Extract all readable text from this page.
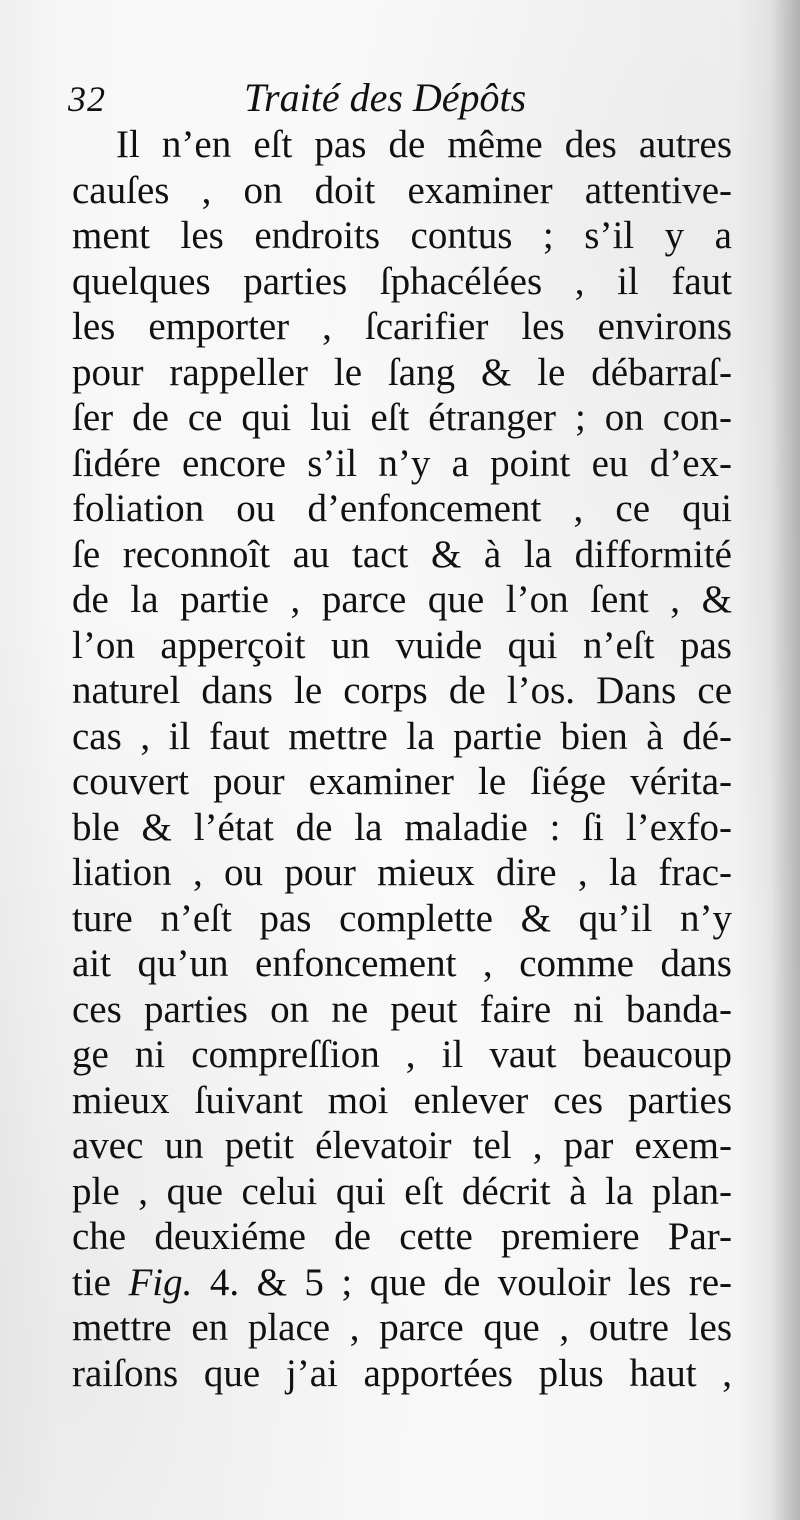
32	Traité des Dépôts
Il n’en eſt pas de même des autres
cauſes , on doit examiner attentive-
ment les endroits contus ; s’il y a
quelques parties ſphacélées , il faut
les emporter , ſcarifier les environs
pour rappeller le ſang & le débarraſ-
ſer de ce qui lui eſt étranger ; on con-
ſidére encore s’il n’y a point eu d’ex-
foliation ou d’enfoncement , ce qui
ſe reconnoît au tact & à la difformité
de la partie , parce que l’on ſent , &
l’on apperçoit un vuide qui n’eſt pas
naturel dans le corps de l’os. Dans ce
cas , il faut mettre la partie bien à dé-
couvert pour examiner le ſiége vérita-
ble & l’état de la maladie : ſi l’exfo-
liation , ou pour mieux dire , la frac-
ture n’eſt pas complette & qu’il n’y
ait qu’un enfoncement , comme dans
ces parties on ne peut faire ni banda-
ge ni compreſſion , il vaut beaucoup
mieux ſuivant moi enlever ces parties
avec un petit élevatoir tel , par exem-
ple , que celui qui eſt décrit à la plan-
che deuxiéme de cette premiere Par-
tie Fig. 4. & 5 ; que de vouloir les re-
mettre en place , parce que , outre les
raiſons que j’ai apportées plus haut ,
